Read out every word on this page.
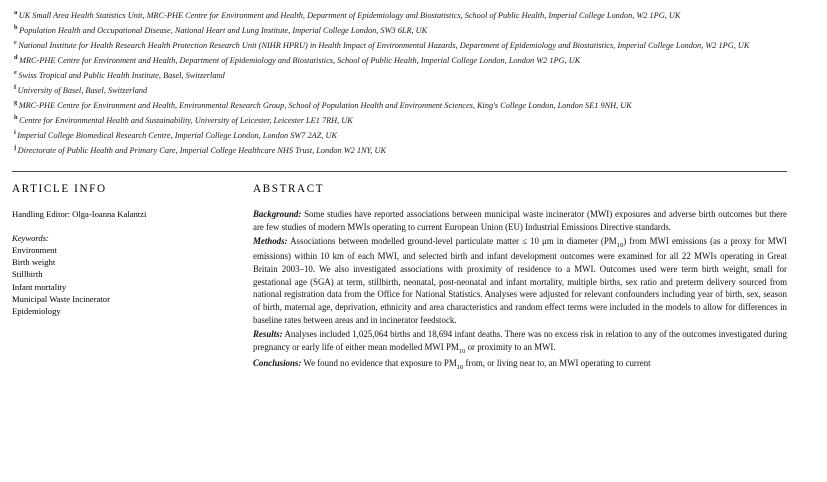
$^a$ UK Small Area Health Statistics Unit, MRC-PHE Centre for Environment and Health, Department of Epidemiology and Biostatistics, School of Public Health, Imperial College London, W2 1PG, UK

$^b$ Population Health and Occupational Disease, National Heart and Lung Institute, Imperial College London, SW3 6LR, UK

$^c$ National Institute for Health Research Health Protection Research Unit (NIHR HPRU) in Health Impact of Environmental Hazards, Department of Epidemiology and Biostatistics, Imperial College London, W2 1PG, UK

$^d$ MRC-PHE Centre for Environment and Health, Department of Epidemiology and Biostatistics, School of Public Health, Imperial College London, London W2 1PG, UK

$^e$ Swiss Tropical and Public Health Institute, Basel, Switzerland

$^f$ University of Basel, Basel, Switzerland

$^g$ MRC-PHE Centre for Environment and Health, Environmental Research Group, School of Population Health and Environment Sciences, King's College London, London SE1 9NH, UK

$^h$ Centre for Environmental Health and Sustainability, University of Leicester, Leicester LE1 7RH, UK

$^i$ Imperial College Biomedical Research Centre, Imperial College London, London SW7 2AZ, UK

$^j$ Directorate of Public Health and Primary Care, Imperial College Healthcare NHS Trust, London W2 1NY, UK

ARTICLE INFO

Handling Editor: Olga-Ioanna Kalantzi

Keywords:

Environment
Birth weight
Stillbirth
Infant mortality
Municipal Waste Incinerator
Epidemiology
ABSTRACT

Background: Some studies have reported associations between municipal waste incinerator (MWI) exposures and adverse birth outcomes but there are few studies of modern MWIs operating to current European Union (EU) Industrial Emissions Directive standards.

Methods: Associations between modelled ground-level particulate matter ≤ 10 μm in diameter $(PM_{10})$ from MWI emissions (as a proxy for MWI emissions) within 10 km of each MWI, and selected birth and infant development outcomes were examined for all 22 MWIs operating in Great Britain 2003–10. We also investigated associations with proximity of residence to a MWI. Outcomes used were term birth weight, small for gestational age (SGA) at term, stillbirth, neonatal, post-neonatal and infant mortality, multiple births, sex ratio and preterm delivery sourced from national registration data from the Office for National Statistics. Analyses were adjusted for relevant confounders including year of birth, sex, season of birth, maternal age, deprivation, ethnicity and area characteristics and random effect terms were included in the models to allow for differences in baseline rates between areas and in incinerator feedstock.

Results: Analyses included 1,025,064 births and 18,694 infant deaths. There was no excess risk in relation to any of the outcomes investigated during pregnancy or early life of either mean modelled MWI $PM_{10}$ or proximity to an MWI.

Conclusions: We found no evidence that exposure to $PM_{10}$ from, or living near to, an MWI operating to current
